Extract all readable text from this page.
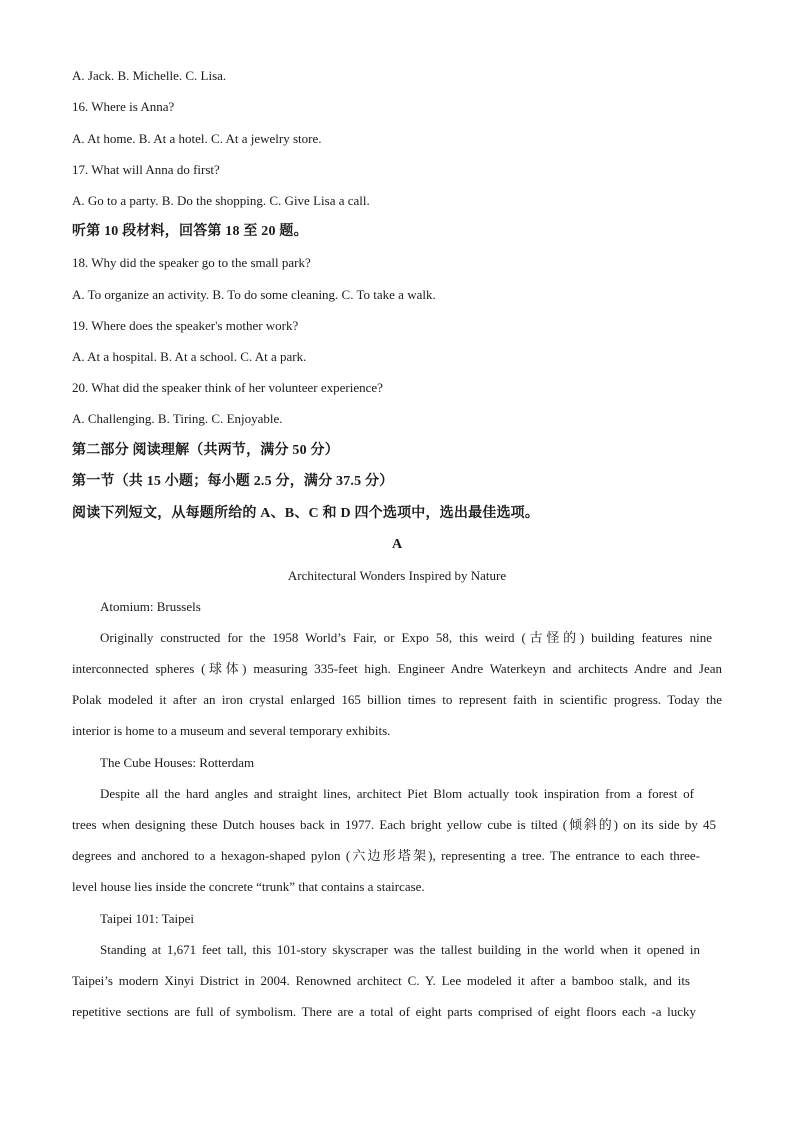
A. Jack. B. Michelle. C. Lisa.
16. Where is Anna?
A. At home. B. At a hotel. C. At a jewelry store.
17. What will Anna do first?
A. Go to a party. B. Do the shopping. C. Give Lisa a call.
听第 10 段材料，回答第 18 至 20 题。
18. Why did the speaker go to the small park?
A. To organize an activity. B. To do some cleaning. C. To take a walk.
19. Where does the speaker's mother work?
A. At a hospital. B. At a school. C. At a park.
20. What did the speaker think of her volunteer experience?
A. Challenging. B. Tiring. C. Enjoyable.
第二部分 阅读理解（共两节，满分 50 分）
第一节（共 15 小题；每小题 2.5 分，满分 37.5 分）
阅读下列短文，从每题所给的 A、B、C 和 D 四个选项中，选出最佳选项。
A
Architectural Wonders Inspired by Nature
Atomium: Brussels
Originally constructed for the 1958 World’s Fair, or Expo 58, this weird (古怪的) building features nine
interconnected spheres (球体) measuring 335-feet high. Engineer Andre Waterkeyn and architects Andre and Jean
Polak modeled it after an iron crystal enlarged 165 billion times to represent faith in scientific progress. Today the
interior is home to a museum and several temporary exhibits.
The Cube Houses: Rotterdam
Despite all the hard angles and straight lines, architect Piet Blom actually took inspiration from a forest of
trees when designing these Dutch houses back in 1977. Each bright yellow cube is tilted (倾斜的) on its side by 45
degrees and anchored to a hexagon-shaped pylon (六边形塔架), representing a tree. The entrance to each three-
level house lies inside the concrete “trunk” that contains a staircase.
Taipei 101: Taipei
Standing at 1,671 feet tall, this 101-story skyscraper was the tallest building in the world when it opened in
Taipei’s modern Xinyi District in 2004. Renowned architect C. Y. Lee modeled it after a bamboo stalk, and its
repetitive sections are full of symbolism. There are a total of eight parts comprised of eight floors each -a lucky
